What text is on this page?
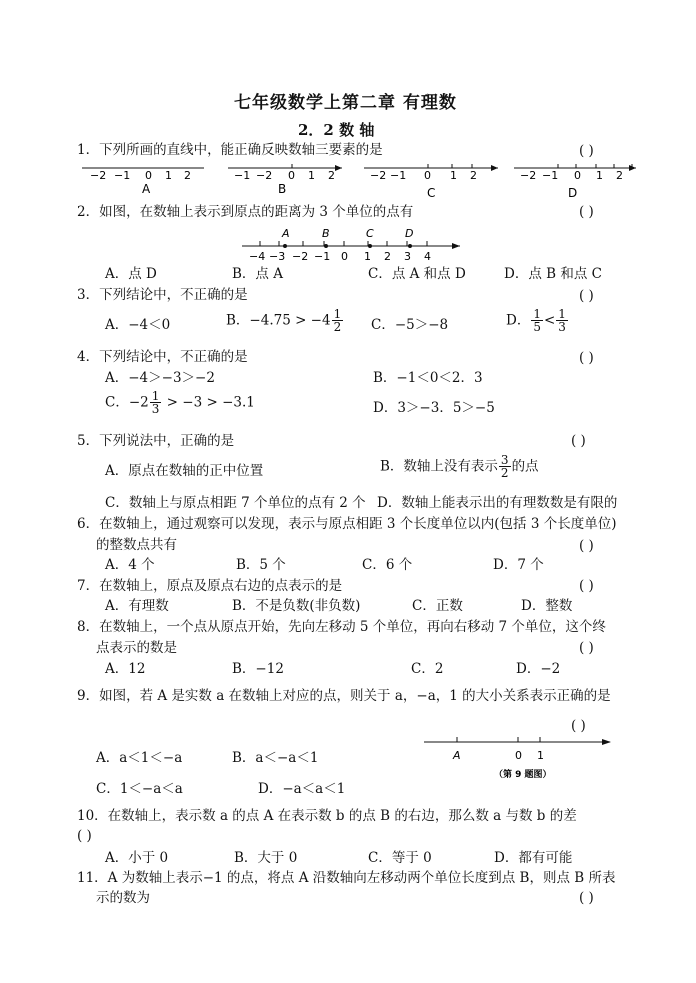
七年级数学上第二章 有理数
2．2 数 轴
1．下列所画的直线中，能正确反映数轴三要素的是	( )
−2 −1 0 1 2
A
−1 −2 0 1 2
B
−2 −1 0 1 2
C
−2 −1 0 1 2
D
2．如图，在数轴上表示到原点的距离为 3 个单位的点有	( )
A	B	C	D
−4 −3 −2 −1 0 1 2 3 4
A．点 D	B．点 A	C．点 A 和点 D	D．点 B 和点 C
3．下列结论中，不正确的是	( )
A．−4＜0	B．$-4.75 > -4 \frac{1}{2}$ C．−5＞−8	D． $\frac{1}{5} < \frac{1}{3}$
4．下列结论中，不正确的是	( )
A．−4＞−3＞−2	B．−1＜0＜2．3
C．$-2 \frac{1}{3} > -3 > -3.1$	D．3＞−3．5＞−5
5．下列说法中，正确的是	( )
A．原点在数轴的正中位置	B．数轴上没有表示 $\frac{3}{2}$ 的点
C．数轴上与原点相距 7 个单位的点有 2 个 D．数轴上能表示出的有理数数是有限的
6．在数轴上，通过观察可以发现，表示与原点相距 3 个长度单位以内(包括 3 个长度单位)
的整数点共有	( )
A．4 个	B．5 个	C．6 个	D．7 个
7．在数轴上，原点及原点右边的点表示的是	( )
A．有理数	B．不是负数(非负数)	C．正数	D．整数
8．在数轴上，一个点从原点开始，先向左移动 5 个单位，再向右移动 7 个单位，这个终
点表示的数是	( )
A．12	B．−12	C．2	D．−2
9．如图，若 A 是实数 a 在数轴上对应的点，则关于 a，−a，1 的大小关系表示正确的是
( )
A．a＜1＜−a	B．a＜−a＜1
C．1＜−a＜a	D．−a＜a＜1
A	0 1
（第 9 题图）
10．在数轴上，表示数 a 的点 A 在表示数 b 的点 B 的右边，那么数 a 与数 b 的差
( )
A．小于 0	B．大于 0	C．等于 0	D．都有可能
11．A 为数轴上表示−1 的点，将点 A 沿数轴向左移动两个单位长度到点 B，则点 B 所表
示的数为	( )
